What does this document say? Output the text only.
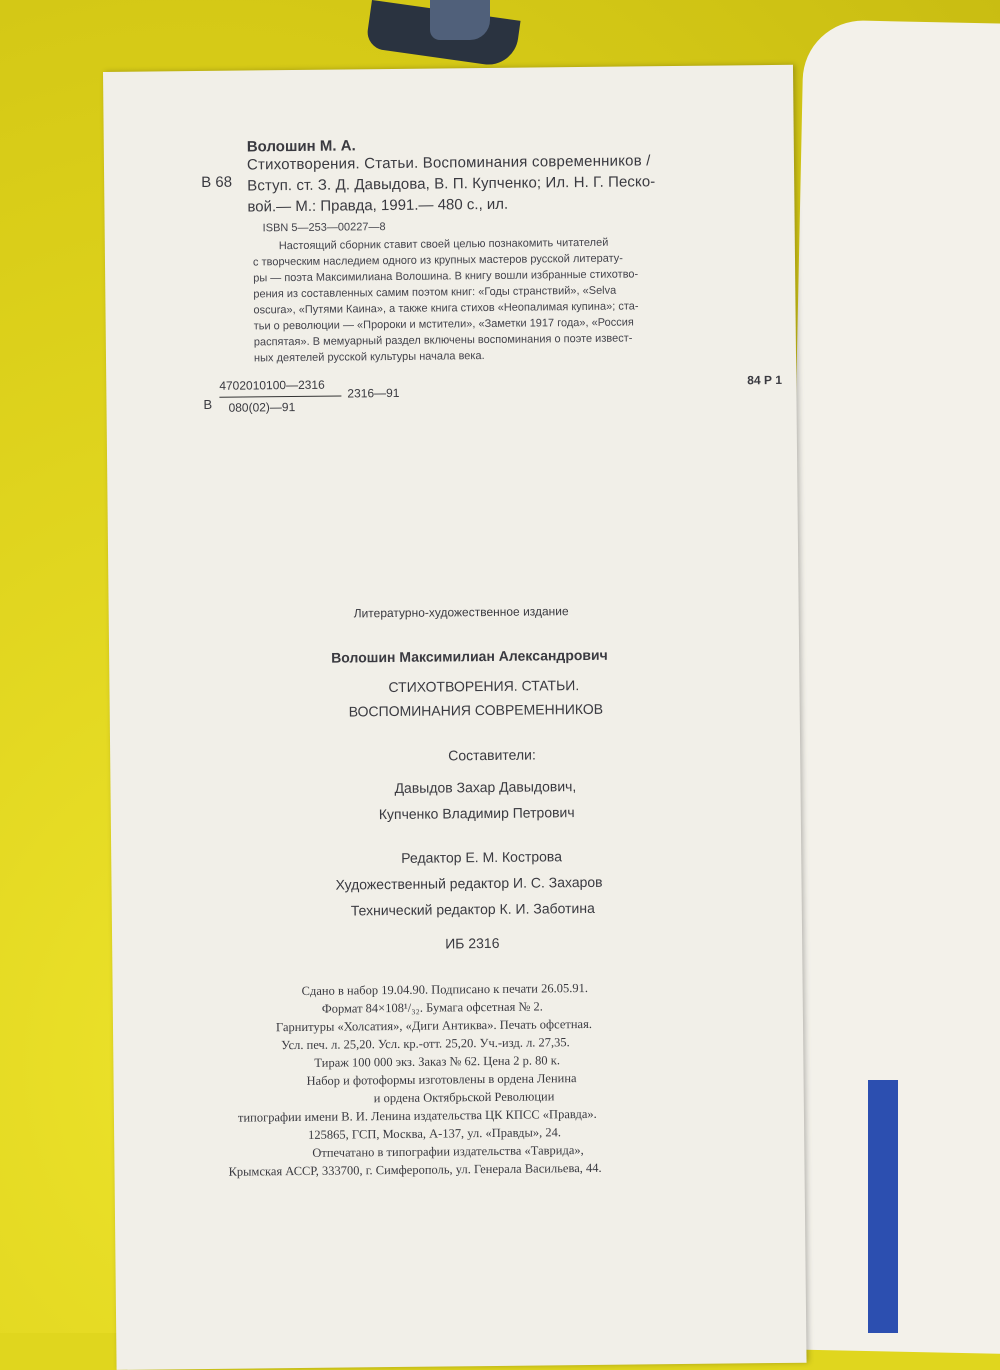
Волошин М. А.
В 68
Стихотворения. Статьи. Воспоминания современников /
Вступ. ст. З. Д. Давыдова, В. П. Купченко; Ил. Н. Г. Песко-
вой.— М.: Правда, 1991.— 480 с., ил.
ISBN 5—253—00227—8
Настоящий сборник ставит своей целью познакомить читателей
с творческим наследием одного из крупных мастеров русской литерату-
ры — поэта Максимилиана Волошина. В книгу вошли избранные стихотво-
рения из составленных самим поэтом книг: «Годы странствий», «Selva
oscura», «Путями Каина», а также книга стихов «Неопалимая купина»; ста-
тьи о революции — «Пророки и мстители», «Заметки 1917 года», «Россия
распятая». В мемуарный раздел включены воспоминания о поэте извест-
ных деятелей русской культуры начала века.
84 Р 1
В
4702010100—2316
080(02)—91
2316—91
Литературно-художественное издание
Волошин Максимилиан Александрович
СТИХОТВОРЕНИЯ. СТАТЬИ.
ВОСПОМИНАНИЯ СОВРЕМЕННИКОВ
Составители:
Давыдов Захар Давыдович,
Купченко Владимир Петрович
Редактор Е. М. Кострова
Художественный редактор И. С. Захаров
Технический редактор К. И. Заботина
ИБ 2316
Сдано в набор 19.04.90. Подписано к печати 26.05.91.
Формат 84×108¹/₃₂. Бумага офсетная № 2.
Гарнитуры «Холсатия», «Диги Антиква». Печать офсетная.
Усл. печ. л. 25,20. Усл. кр.-отт. 25,20. Уч.-изд. л. 27,35.
Тираж 100 000 экз. Заказ № 62. Цена 2 р. 80 к.
Набор и фотоформы изготовлены в ордена Ленина
и ордена Октябрьской Революции
типографии имени В. И. Ленина издательства ЦК КПСС «Правда».
125865, ГСП, Москва, А-137, ул. «Правды», 24.
Отпечатано в типографии издательства «Таврида»,
Крымская АССР, 333700, г. Симферополь, ул. Генерала Васильева, 44.
